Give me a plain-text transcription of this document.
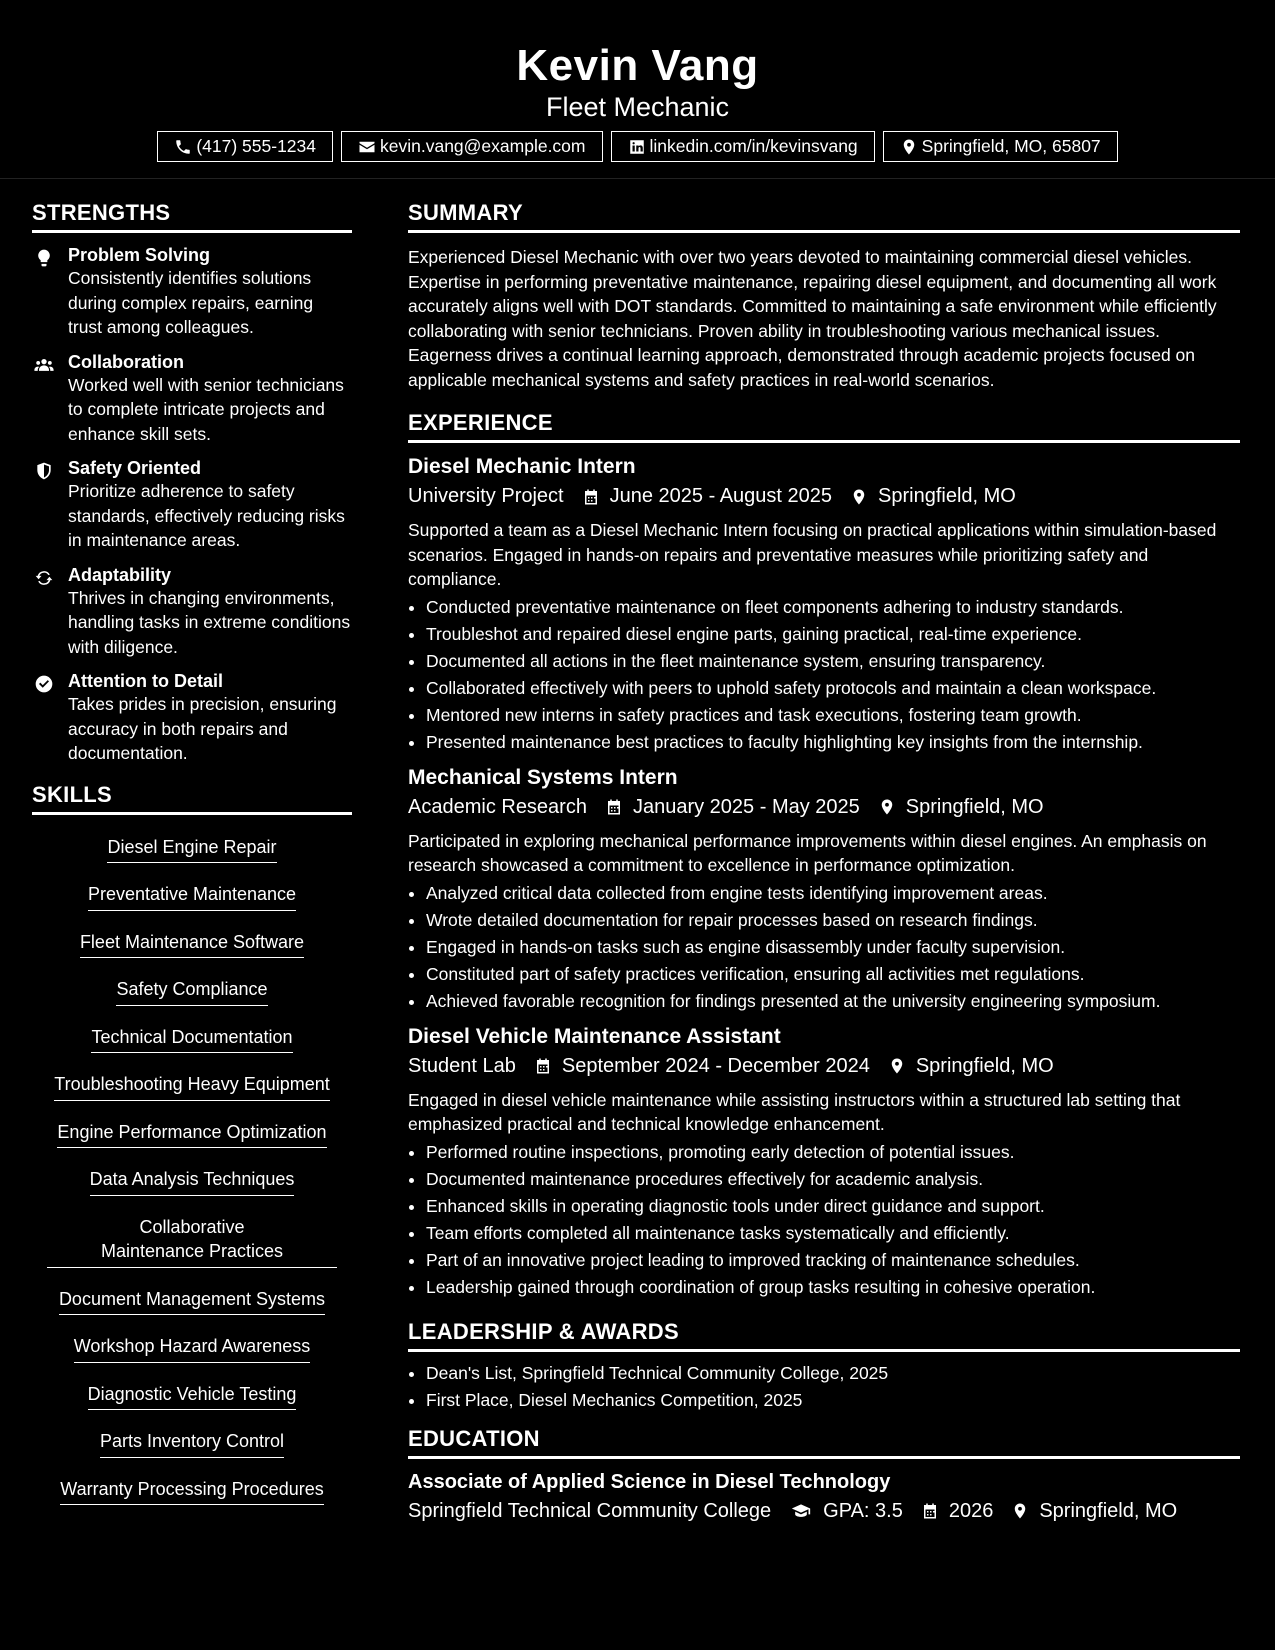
Kevin Vang
Fleet Mechanic
(417) 555-1234	kevin.vang@example.com	linkedin.com/in/kevinsvang	Springfield, MO, 65807
STRENGTHS
Problem Solving
Consistently identifies solutions during complex repairs, earning trust among colleagues.
Collaboration
Worked well with senior technicians to complete intricate projects and enhance skill sets.
Safety Oriented
Prioritize adherence to safety standards, effectively reducing risks in maintenance areas.
Adaptability
Thrives in changing environments, handling tasks in extreme conditions with diligence.
Attention to Detail
Takes prides in precision, ensuring accuracy in both repairs and documentation.
SKILLS
Diesel Engine Repair
Preventative Maintenance
Fleet Maintenance Software
Safety Compliance
Technical Documentation
Troubleshooting Heavy Equipment
Engine Performance Optimization
Data Analysis Techniques
Collaborative Maintenance Practices
Document Management Systems
Workshop Hazard Awareness
Diagnostic Vehicle Testing
Parts Inventory Control
Warranty Processing Procedures
SUMMARY
Experienced Diesel Mechanic with over two years devoted to maintaining commercial diesel vehicles. Expertise in performing preventative maintenance, repairing diesel equipment, and documenting all work accurately aligns well with DOT standards. Committed to maintaining a safe environment while efficiently collaborating with senior technicians. Proven ability in troubleshooting various mechanical issues. Eagerness drives a continual learning approach, demonstrated through academic projects focused on applicable mechanical systems and safety practices in real-world scenarios.
EXPERIENCE
Diesel Mechanic Intern
University Project June 2025 - August 2025 Springfield, MO
Supported a team as a Diesel Mechanic Intern focusing on practical applications within simulation-based scenarios. Engaged in hands-on repairs and preventative measures while prioritizing safety and compliance.
• Conducted preventative maintenance on fleet components adhering to industry standards.
• Troubleshot and repaired diesel engine parts, gaining practical, real-time experience.
• Documented all actions in the fleet maintenance system, ensuring transparency.
• Collaborated effectively with peers to uphold safety protocols and maintain a clean workspace.
• Mentored new interns in safety practices and task executions, fostering team growth.
• Presented maintenance best practices to faculty highlighting key insights from the internship.
Mechanical Systems Intern
Academic Research January 2025 - May 2025 Springfield, MO
Participated in exploring mechanical performance improvements within diesel engines. An emphasis on research showcased a commitment to excellence in performance optimization.
• Analyzed critical data collected from engine tests identifying improvement areas.
• Wrote detailed documentation for repair processes based on research findings.
• Engaged in hands-on tasks such as engine disassembly under faculty supervision.
• Constituted part of safety practices verification, ensuring all activities met regulations.
• Achieved favorable recognition for findings presented at the university engineering symposium.
Diesel Vehicle Maintenance Assistant
Student Lab September 2024 - December 2024 Springfield, MO
Engaged in diesel vehicle maintenance while assisting instructors within a structured lab setting that emphasized practical and technical knowledge enhancement.
• Performed routine inspections, promoting early detection of potential issues.
• Documented maintenance procedures effectively for academic analysis.
• Enhanced skills in operating diagnostic tools under direct guidance and support.
• Team efforts completed all maintenance tasks systematically and efficiently.
• Part of an innovative project leading to improved tracking of maintenance schedules.
• Leadership gained through coordination of group tasks resulting in cohesive operation.
LEADERSHIP & AWARDS
• Dean's List, Springfield Technical Community College, 2025
• First Place, Diesel Mechanics Competition, 2025
EDUCATION
Associate of Applied Science in Diesel Technology
Springfield Technical Community College	GPA: 3.5 2026 Springfield, MO
